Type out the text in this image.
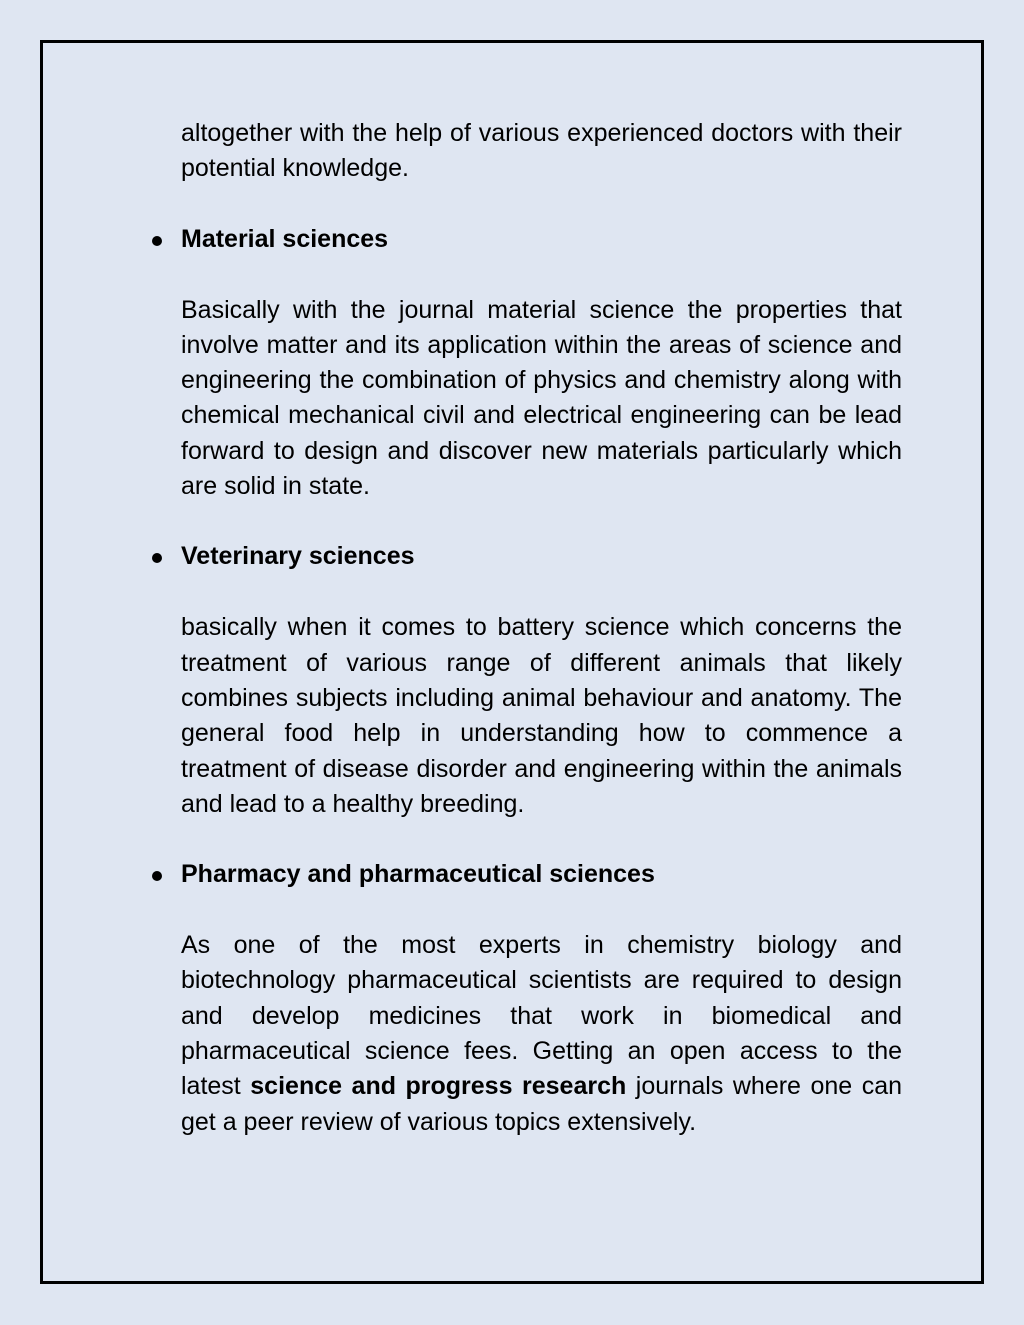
altogether with the help of various experienced doctors with their potential knowledge.

Material sciences

Basically with the journal material science the properties that involve matter and its application within the areas of science and engineering the combination of physics and chemistry along with chemical mechanical civil and electrical engineering can be lead forward to design and discover new materials particularly which are solid in state.

Veterinary sciences

basically when it comes to battery science which concerns the treatment of various range of different animals that likely combines subjects including animal behaviour and anatomy. The general food help in understanding how to commence a treatment of disease disorder and engineering within the animals and lead to a healthy breeding.

Pharmacy and pharmaceutical sciences

As one of the most experts in chemistry biology and biotechnology pharmaceutical scientists are required to design and develop medicines that work in biomedical and pharmaceutical science fees. Getting an open access to the latest science and progress research journals where one can get a peer review of various topics extensively.
